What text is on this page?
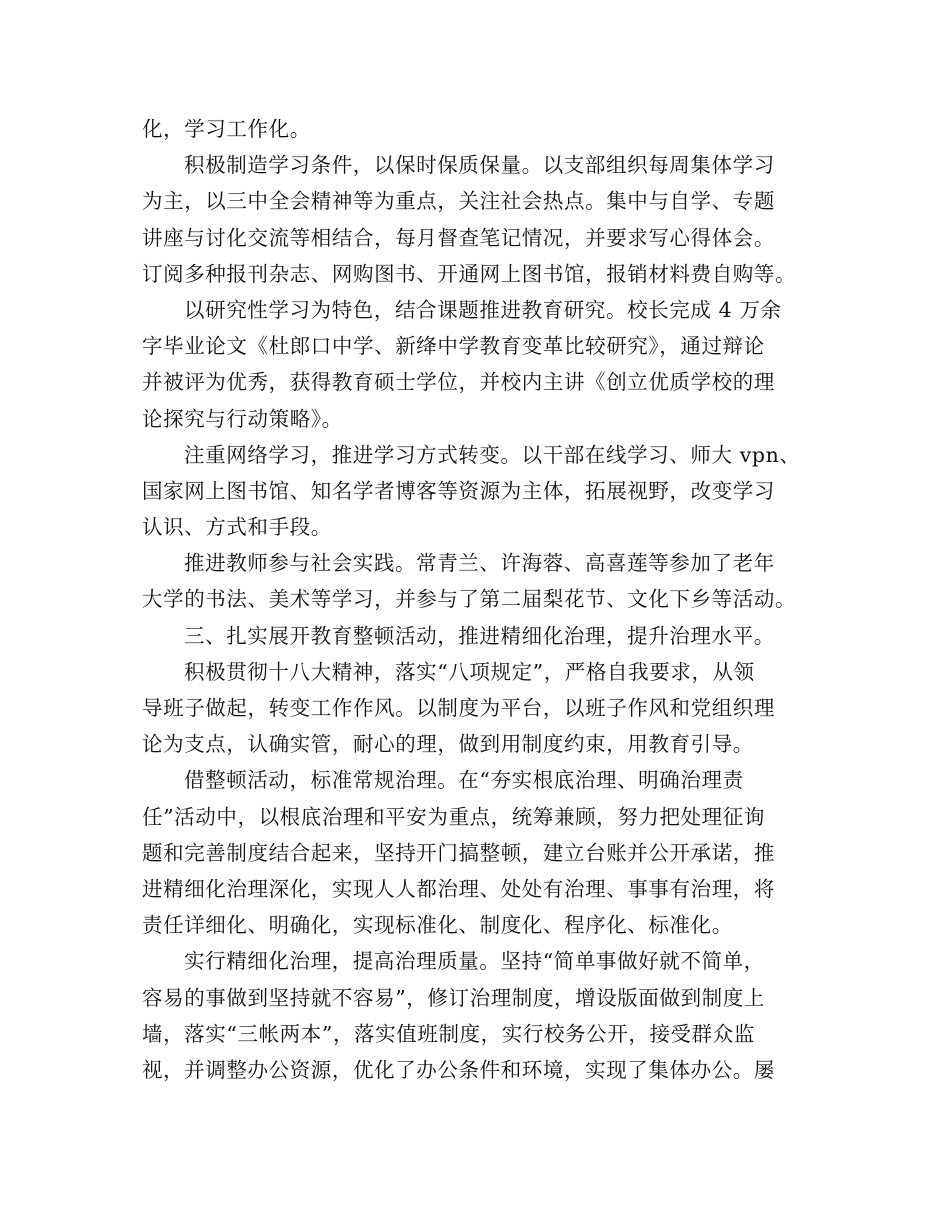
化，学习工作化。
积极制造学习条件，以保时保质保量。以支部组织每周集体学习
为主，以三中全会精神等为重点，关注社会热点。集中与自学、专题
讲座与讨化交流等相结合，每月督查笔记情况，并要求写心得体会。
订阅多种报刊杂志、网购图书、开通网上图书馆，报销材料费自购等。
以研究性学习为特色，结合课题推进教育研究。校长完成 4 万余
字毕业论文《杜郎口中学、新绛中学教育变革比较研究》，通过辩论
并被评为优秀，获得教育硕士学位，并校内主讲《创立优质学校的理
论探究与行动策略》。
注重网络学习，推进学习方式转变。以干部在线学习、师大 vpn、
国家网上图书馆、知名学者博客等资源为主体，拓展视野，改变学习
认识、方式和手段。
推进教师参与社会实践。常青兰、许海蓉、高喜莲等参加了老年
大学的书法、美术等学习，并参与了第二届梨花节、文化下乡等活动。
三、扎实展开教育整顿活动，推进精细化治理，提升治理水平。
积极贯彻十八大精神，落实“八项规定”，严格自我要求，从领
导班子做起，转变工作作风。以制度为平台，以班子作风和党组织理
论为支点，认确实管，耐心的理，做到用制度约束，用教育引导。
借整顿活动，标准常规治理。在“夯实根底治理、明确治理责
任”活动中，以根底治理和平安为重点，统筹兼顾，努力把处理征询
题和完善制度结合起来，坚持开门搞整顿，建立台账并公开承诺，推
进精细化治理深化，实现人人都治理、处处有治理、事事有治理，将
责任详细化、明确化，实现标准化、制度化、程序化、标准化。
实行精细化治理，提高治理质量。坚持“简单事做好就不简单，
容易的事做到坚持就不容易”，修订治理制度，增设版面做到制度上
墙，落实“三帐两本”，落实值班制度，实行校务公开，接受群众监
视，并调整办公资源，优化了办公条件和环境，实现了集体办公。屡
